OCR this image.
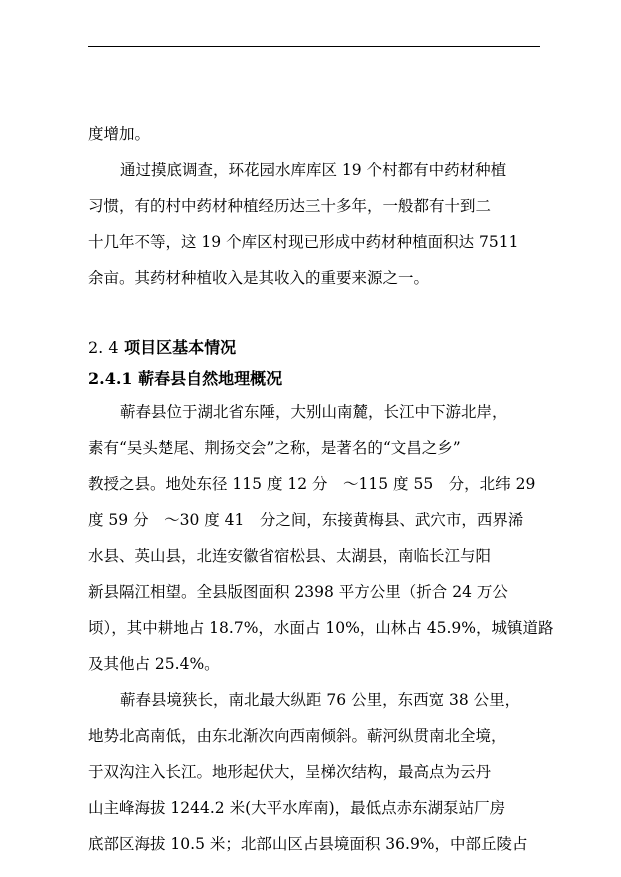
度增加。

通过摸底调查，环花园水库库区 19 个村都有中药材种植

习惯，有的村中药材种植经历达三十多年，一般都有十到二

十几年不等，这 19 个库区村现已形成中药材种植面积达 7511

余亩。其药材种植收入是其收入的重要来源之一。

2. 4 项目区基本情况
2.4.1 蕲春县自然地理概况

蕲春县位于湖北省东陲，大别山南麓，长江中下游北岸，

素有“吴头楚尾、荆扬交会”之称，是著名的“文昌之乡”

教授之县。地处东径 115 度 12 分　～115 度 55　分，北纬 29

度 59 分　～30 度 41　分之间，东接黄梅县、武穴市，西界浠

水县、英山县，北连安徽省宿松县、太湖县，南临长江与阳

新县隔江相望。全县版图面积 2398 平方公里（折合 24 万公

顷），其中耕地占 18.7%，水面占 10%，山林占 45.9%，城镇道路

及其他占 25.4%。

蕲春县境狭长，南北最大纵距 76 公里，东西宽 38 公里，

地势北高南低，由东北渐次向西南倾斜。蕲河纵贯南北全境，

于双沟注入长江。地形起伏大，呈梯次结构，最高点为云丹

山主峰海拔 1244.2 米(大平水库南)，最低点赤东湖泵站厂房

底部区海拔 10.5 米；北部山区占县境面积 36.9%，中部丘陵占
